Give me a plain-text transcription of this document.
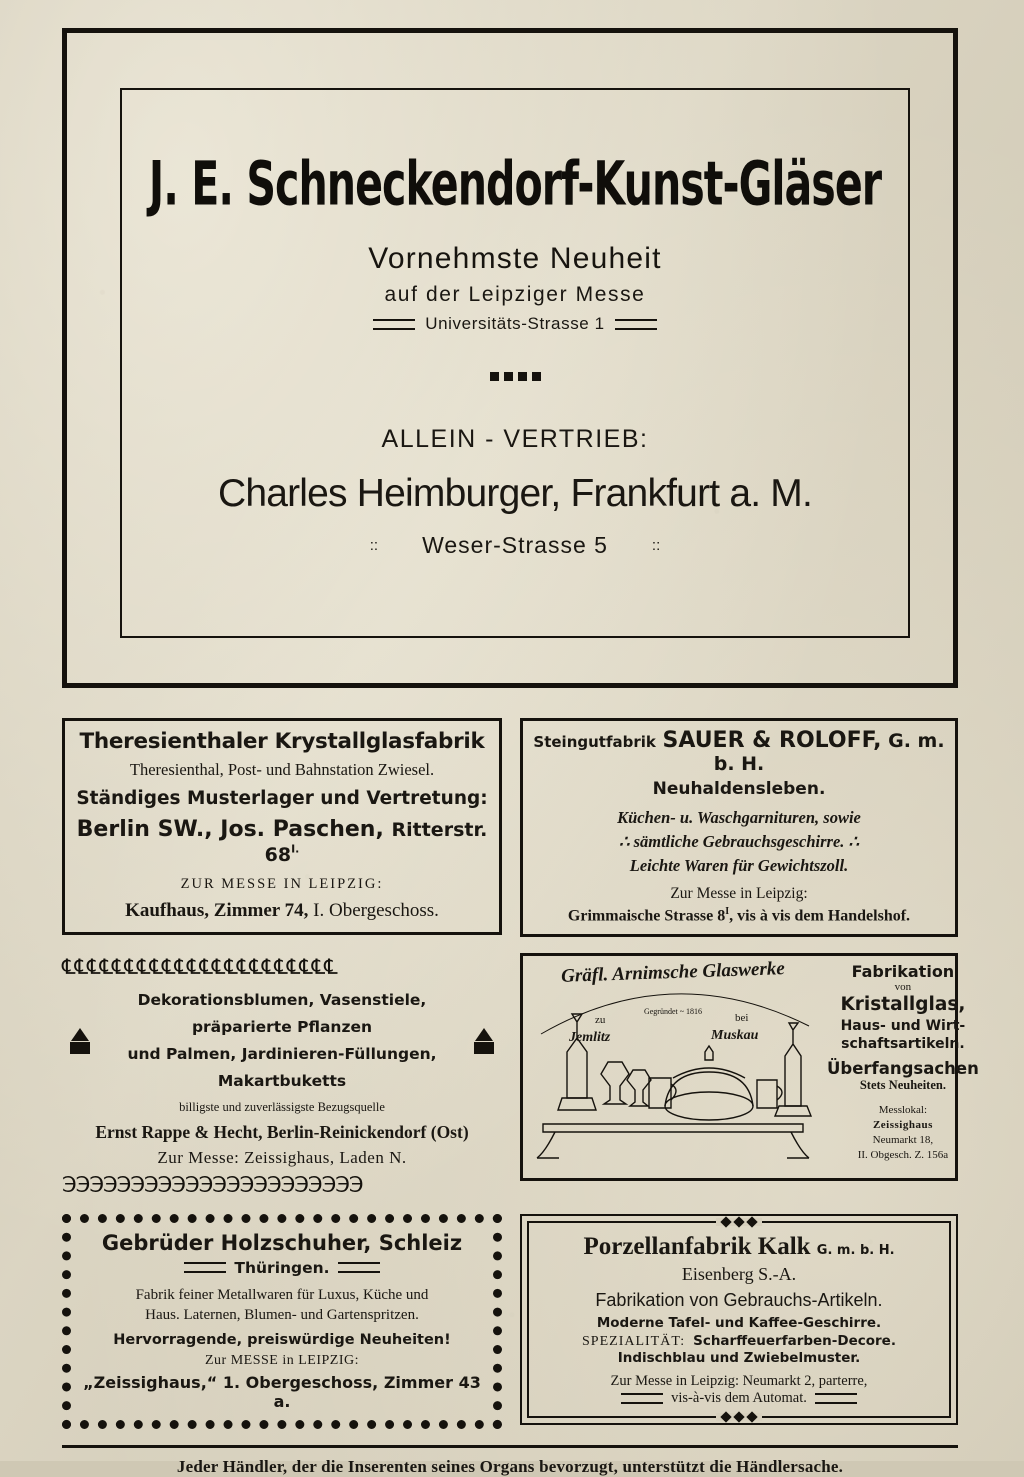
J. E. Schneckendorf-Kunst-Gläser
Vornehmste Neuheit
auf der Leipziger Messe
Universitäts-Strasse 1
ALLEIN - VERTRIEB:
Charles Heimburger, Frankfurt a. M.
:: Weser-Strasse 5	::
Theresienthaler Krystallglasfabrik
Theresienthal, Post- und Bahnstation Zwiesel.
Ständiges Musterlager und Vertretung:
Berlin SW., Jos. Paschen, Ritterstr. $68^{I.}$
ZUR MESSE IN LEIPZIG:
Kaufhaus, Zimmer 74, I. Obergeschoss.
Steingutfabrik SAUER & ROLOFF, G. m. b. H.
Neuhaldensleben.
Küchen- u. Waschgarnituren, sowie
∴ sämtliche Gebrauchsgeschirre. ∴
Leichte Waren für Gewichtszoll.
Zur Messe in Leipzig:
Grimmaische Strasse $8^I$, vis à vis dem Handelshof.
℄℄℄℄℄℄℄℄℄℄℄℄℄℄℄℄℄℄℄℄℄℄
Dekorationsblumen, Vasenstiele, präparierte Pflanzen
und Palmen, Jardinieren-Füllungen, Makartbuketts
billigste und zuverlässigste Bezugsquelle
Ernst Rappe & Hecht, Berlin-Reinickendorf (Ost)
Zur Messe: Zeissighaus, Laden N.
℈℈℈℈℈℈℈℈℈℈℈℈℈℈℈℈℈℈℈℈℈℈
Gegründet ~ 1816
Gräfl. Arnimsche Glaswerke
zu
Jemlitz
bei
Muskau
Fabrikation
von
Kristallglas,
Haus- und Wirt-schaftsartikeln.
Überfangsachen
Stets Neuheiten.
Messlokal:
Zeissighaus
Neumarkt 18,
II. Obgesch. Z. 156a
Gebrüder Holzschuher, Schleiz
Thüringen.
Fabrik feiner Metallwaren für Luxus, Küche und
Haus. Laternen, Blumen- und Gartenspritzen.
Hervorragende, preiswürdige Neuheiten!
Zur MESSE in LEIPZIG:
„Zeissighaus,“ 1. Obergeschoss, Zimmer 43 a.
Porzellanfabrik Kalk G. m. b. H.
Eisenberg S.-A.
Fabrikation von Gebrauchs-Artikeln.
Moderne Tafel- und Kaffee-Geschirre.
SPEZIALITÄT: Scharffeuerfarben-Decore.
Indischblau und Zwiebelmuster.
Zur Messe in Leipzig: Neumarkt 2, parterre,
vis-à-vis dem Automat.
Jeder Händler, der die Inserenten seines Organs bevorzugt, unterstützt die Händlersache.
